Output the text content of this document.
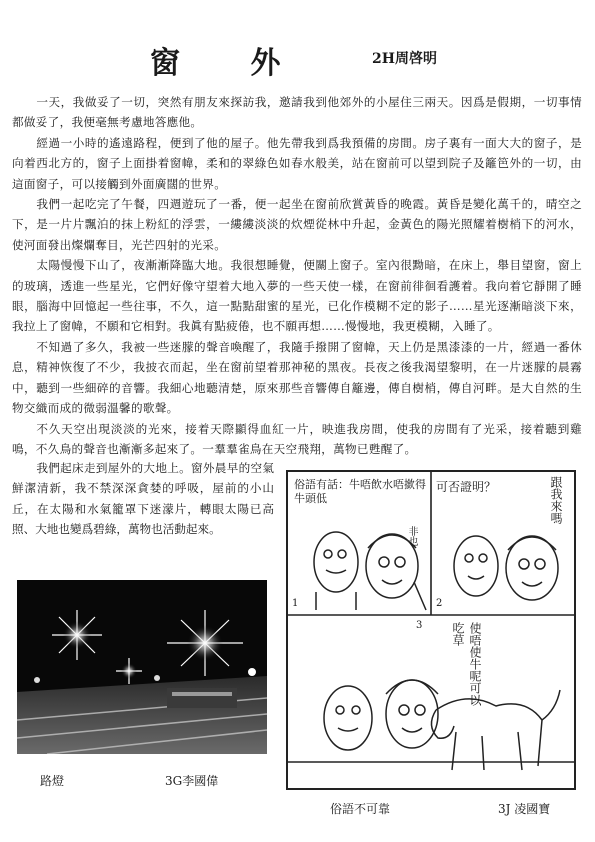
窗 外	2H周啓明

一天，我做妥了一切，突然有朋友來探訪我，邀請我到他郊外的小屋住三兩天。因爲是假期，一切事情都做妥了，我便毫無考慮地答應他。

經過一小時的遙遠路程，便到了他的屋子。他先帶我到爲我預備的房間。房子裏有一面大大的窗子，是向着西北方的，窗子上面掛着窗幃，柔和的翠綠色如春水般美，站在窗前可以望到院子及籬笆外的一切，由這面窗子，可以接觸到外面廣闊的世界。

我們一起吃完了午餐，四週遊玩了一番，便一起坐在窗前欣賞黃昏的晚霞。黃昏是變化萬千的，晴空之下，是一片片飄泊的抹上粉紅的浮雲，一縷縷淡淡的炊煙從林中升起，金黃色的陽光照耀着樹梢下的河水，使河面發出燦爛奪目，光芒四射的光采。

太陽慢慢下山了，夜漸漸降臨大地。我很想睡覺，便關上窗子。室內很黝暗，在床上，舉目望窗，窗上的玻璃，透進一些星光，它們好像守望着大地入夢的一些天使一樣，在窗前徘徊看護着。我向着它靜開了睡眼，腦海中回憶起一些往事，不久，這一點點甜蜜的星光，已化作模糊不定的影子……星光逐漸暗淡下來，我拉上了窗幃，不願和它相對。我眞有點疲倦，也不願再想……慢慢地，我更模糊，入睡了。

不知過了多久，我被一些迷朦的聲音喚醒了，我隨手撥開了窗幃，天上仍是黑漆漆的一片，經過一番休息，精神恢復了不少，我披衣而起，坐在窗前望着那神秘的黑夜。長夜之後我渴望黎明，在一片迷朦的晨霧中，聽到一些細碎的音響。我細心地聽清楚，原來那些音響傳自籬邊，傳自樹梢，傳自河畔。是大自然的生物交織而成的微弱溫馨的歌聲。

不久天空出現淡淡的光來，接着天際顯得血紅一片，映進我房間，使我的房間有了光采，接着聽到雞鳴，不久鳥的聲音也漸漸多起來了。一羣羣雀鳥在天空飛翔，萬物已甦醒了。

我們起床走到屋外的大地上。窗外晨早的空氣鮮潔清新，我不禁深深貪婪的呼吸，屋前的小山丘，在太陽和水氣籠罩下迷濛片，轉眼太陽已高照、大地也變爲碧綠，萬物也活動起來。

路燈	3G李國偉
俗語有話：牛唔飲水唔撳得牛頭低
非也
可否證明？	跟我來嗎
使唔使牛呢可以吃草
1	2
3
俗語不可靠	3J 凌國寶
